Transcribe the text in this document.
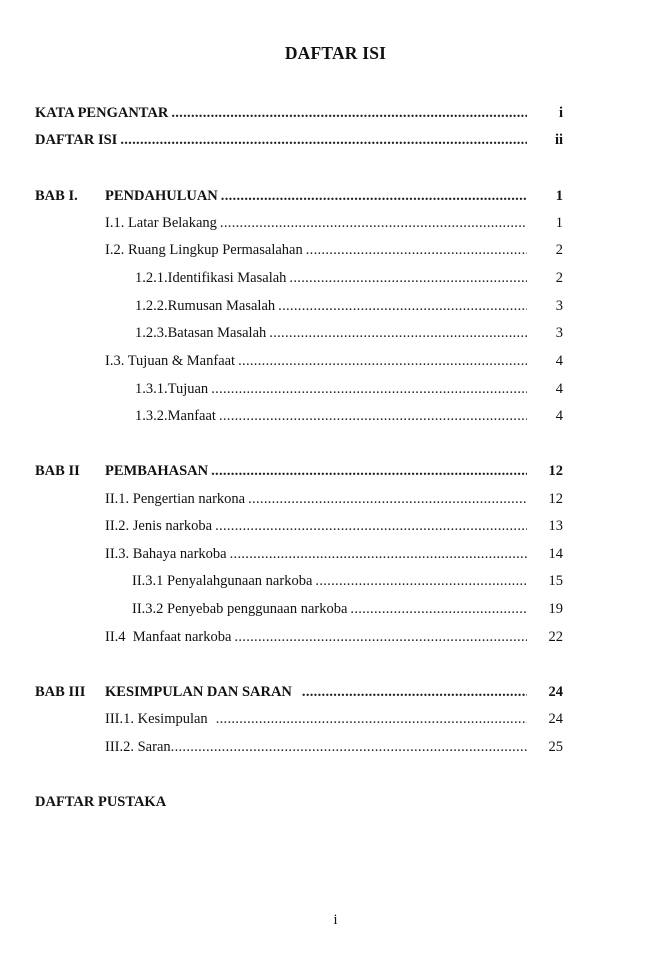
DAFTAR ISI
KATA PENGANTAR .....	i
DAFTAR ISI .....	ii
BAB I. PENDAHULUAN .....	1
I.1. Latar Belakang .....	1
I.2. Ruang Lingkup Permasalahan .....	2
1.2.1.Identifikasi Masalah .....	2
1.2.2.Rumusan Masalah .....	3
1.2.3.Batasan Masalah .....	3
I.3. Tujuan & Manfaat .....	4
1.3.1.Tujuan .....	4
1.3.2.Manfaat .....	4
BAB II PEMBAHASAN .....	12
II.1. Pengertian narkona .....	12
II.2. Jenis narkoba .....	13
II.3. Bahaya narkoba .....	14
II.3.1 Penyalahgunaan narkoba .....	15
II.3.2 Penyebab penggunaan narkoba .....	19
II.4  Manfaat narkoba .....	22
BAB III KESIMPULAN DAN SARAN .....	24
III.1. Kesimpulan .....	24
III.2. Saran .....	25
DAFTAR PUSTAKA
i
